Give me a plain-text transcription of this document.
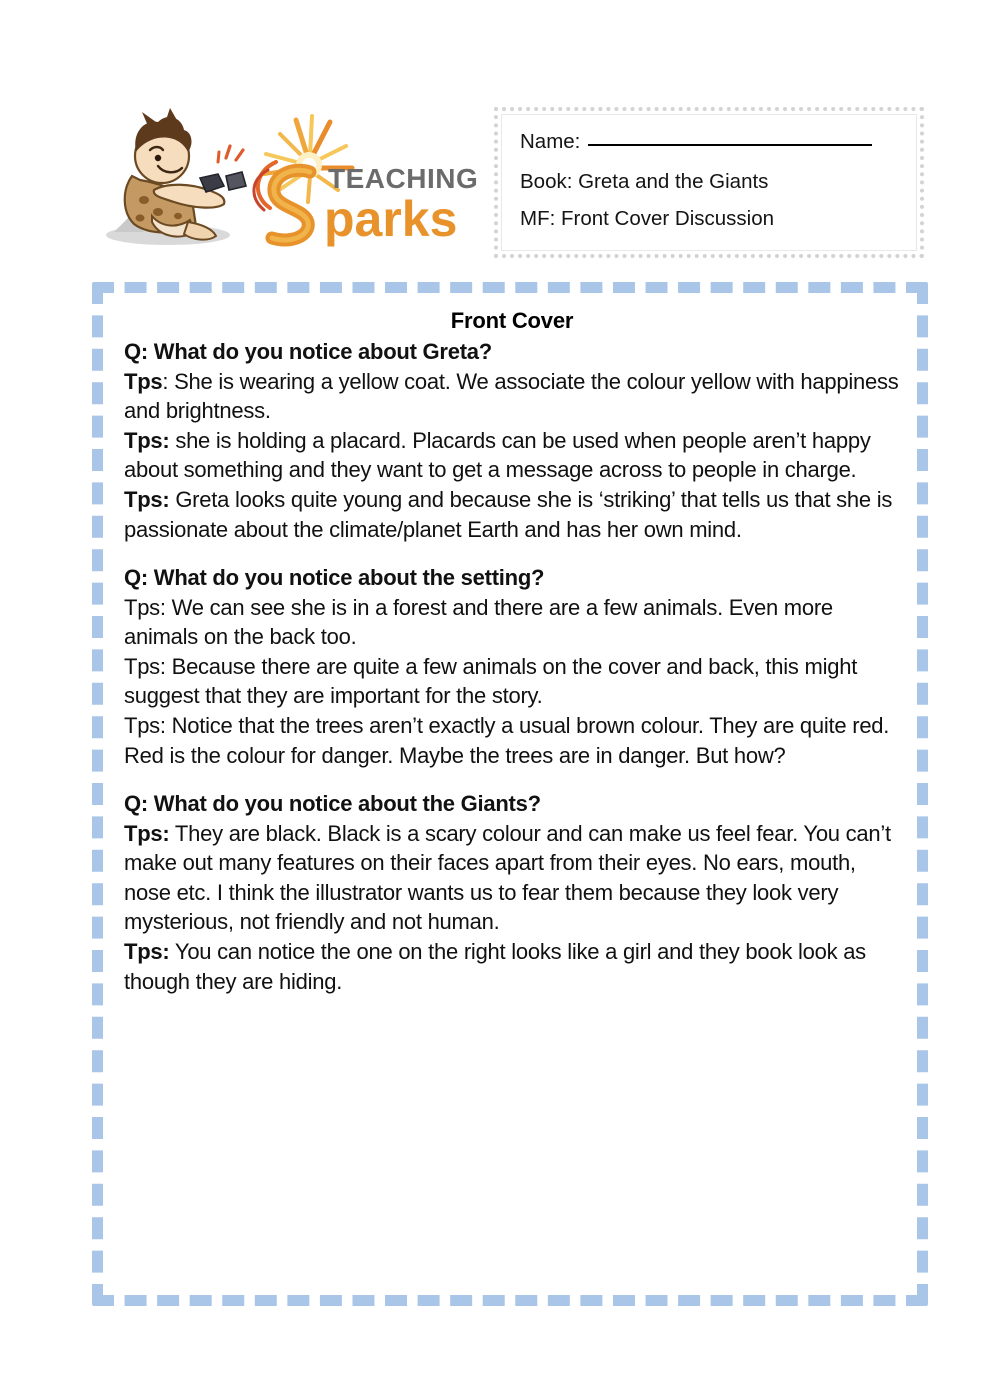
TEACHING
parks

Name:

Book: Greta and the Giants

MF: Front Cover Discussion

Front Cover

Q: What do you notice about Greta?

Tps: She is wearing a yellow coat. We associate the colour yellow with happiness and brightness.

Tps: she is holding a placard. Placards can be used when people aren’t happy about something and they want to get a message across to people in charge.

Tps: Greta looks quite young and because she is ‘striking’ that tells us that she is passionate about the climate/planet Earth and has her own mind.

Q: What do you notice about the setting?

Tps: We can see she is in a forest and there are a few animals. Even more animals on the back too.

Tps: Because there are quite a few animals on the cover and back, this might suggest that they are important for the story.

Tps: Notice that the trees aren’t exactly a usual brown colour. They are quite red. Red is the colour for danger. Maybe the trees are in danger. But how?

Q: What do you notice about the Giants?

Tps: They are black. Black is a scary colour and can make us feel fear. You can’t make out many features on their faces apart from their eyes. No ears, mouth, nose etc. I think the illustrator wants us to fear them because they look very mysterious, not friendly and not human.

Tps: You can notice the one on the right looks like a girl and they book look as though they are hiding.
